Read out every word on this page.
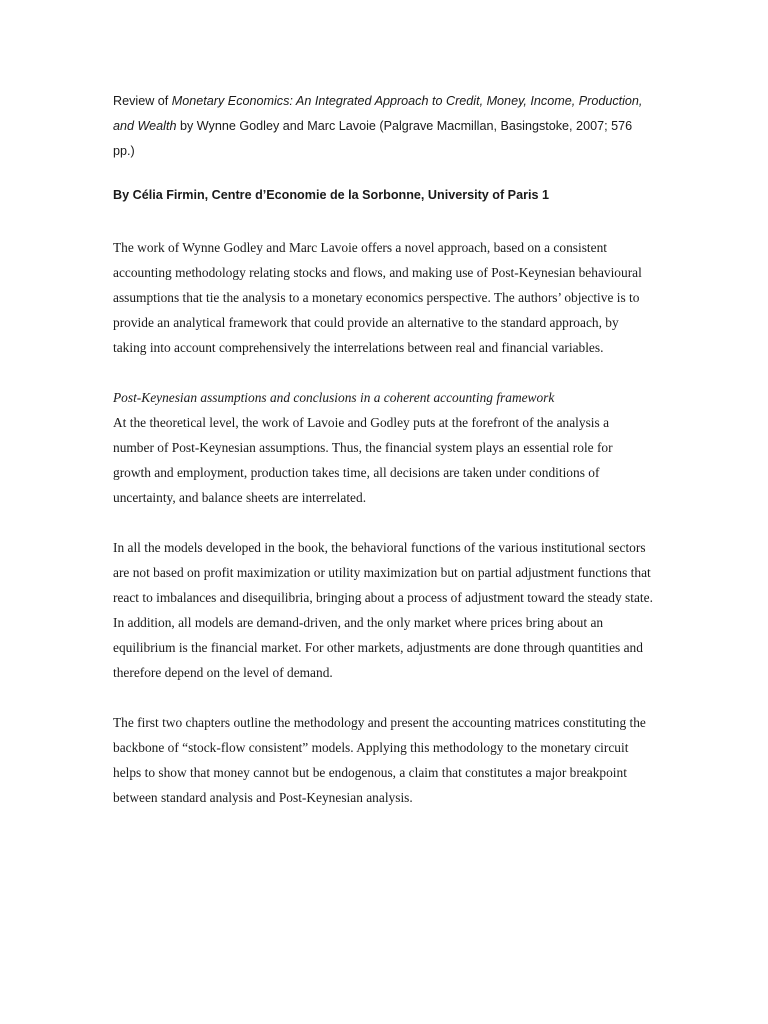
Review of Monetary Economics: An Integrated Approach to Credit, Money, Income, Production, and Wealth by Wynne Godley and Marc Lavoie (Palgrave Macmillan, Basingstoke, 2007; 576 pp.)

By Célia Firmin, Centre d’Economie de la Sorbonne, University of Paris 1

The work of Wynne Godley and Marc Lavoie offers a novel approach, based on a consistent accounting methodology relating stocks and flows, and making use of Post-Keynesian behavioural assumptions that tie the analysis to a monetary economics perspective. The authors’ objective is to provide an analytical framework that could provide an alternative to the standard approach, by taking into account comprehensively the interrelations between real and financial variables.

Post-Keynesian assumptions and conclusions in a coherent accounting framework

At the theoretical level, the work of Lavoie and Godley puts at the forefront of the analysis a number of Post-Keynesian assumptions. Thus, the financial system plays an essential role for growth and employment, production takes time, all decisions are taken under conditions of uncertainty, and balance sheets are interrelated.

In all the models developed in the book, the behavioral functions of the various institutional sectors are not based on profit maximization or utility maximization but on partial adjustment functions that react to imbalances and disequilibria, bringing about a process of adjustment toward the steady state. In addition, all models are demand-driven, and the only market where prices bring about an equilibrium is the financial market. For other markets, adjustments are done through quantities and therefore depend on the level of demand.

The first two chapters outline the methodology and present the accounting matrices constituting the backbone of “stock-flow consistent” models. Applying this methodology to the monetary circuit helps to show that money cannot but be endogenous, a claim that constitutes a major breakpoint between standard analysis and Post-Keynesian analysis.
